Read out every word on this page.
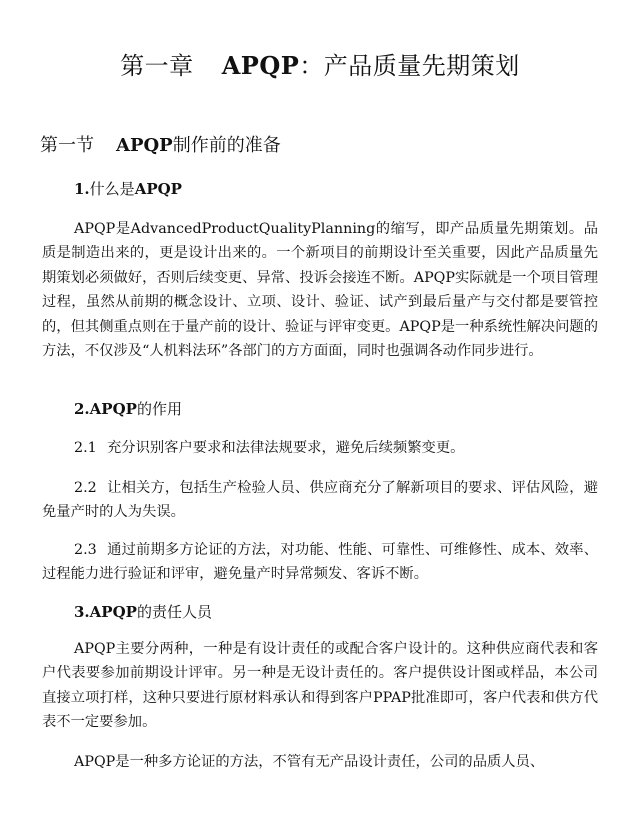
第一章 APQP：产品质量先期策划
第一节 APQP制作前的准备
1.什么是APQP

APQP是AdvancedProductQualityPlanning的缩写，即产品质量先期策划。品质是制造出来的，更是设计出来的。一个新项目的前期设计至关重要，因此产品质量先期策划必须做好，否则后续变更、异常、投诉会接连不断。APQP实际就是一个项目管理过程，虽然从前期的概念设计、立项、设计、验证、试产到最后量产与交付都是要管控的，但其侧重点则在于量产前的设计、验证与评审变更。APQP是一种系统性解决问题的方法，不仅涉及“人机料法环”各部门的方方面面，同时也强调各动作同步进行。

2.APQP的作用

2.1 充分识别客户要求和法律法规要求，避免后续频繁变更。

2.2 让相关方，包括生产检验人员、供应商充分了解新项目的要求、评估风险，避免量产时的人为失误。

2.3 通过前期多方论证的方法，对功能、性能、可靠性、可维修性、成本、效率、过程能力进行验证和评审，避免量产时异常频发、客诉不断。

3.APQP的责任人员

APQP主要分两种，一种是有设计责任的或配合客户设计的。这种供应商代表和客户代表要参加前期设计评审。另一种是无设计责任的。客户提供设计图或样品，本公司直接立项打样，这种只要进行原材料承认和得到客户PPAP批准即可，客户代表和供方代表不一定要参加。

APQP是一种多方论证的方法，不管有无产品设计责任，公司的品质人员、
